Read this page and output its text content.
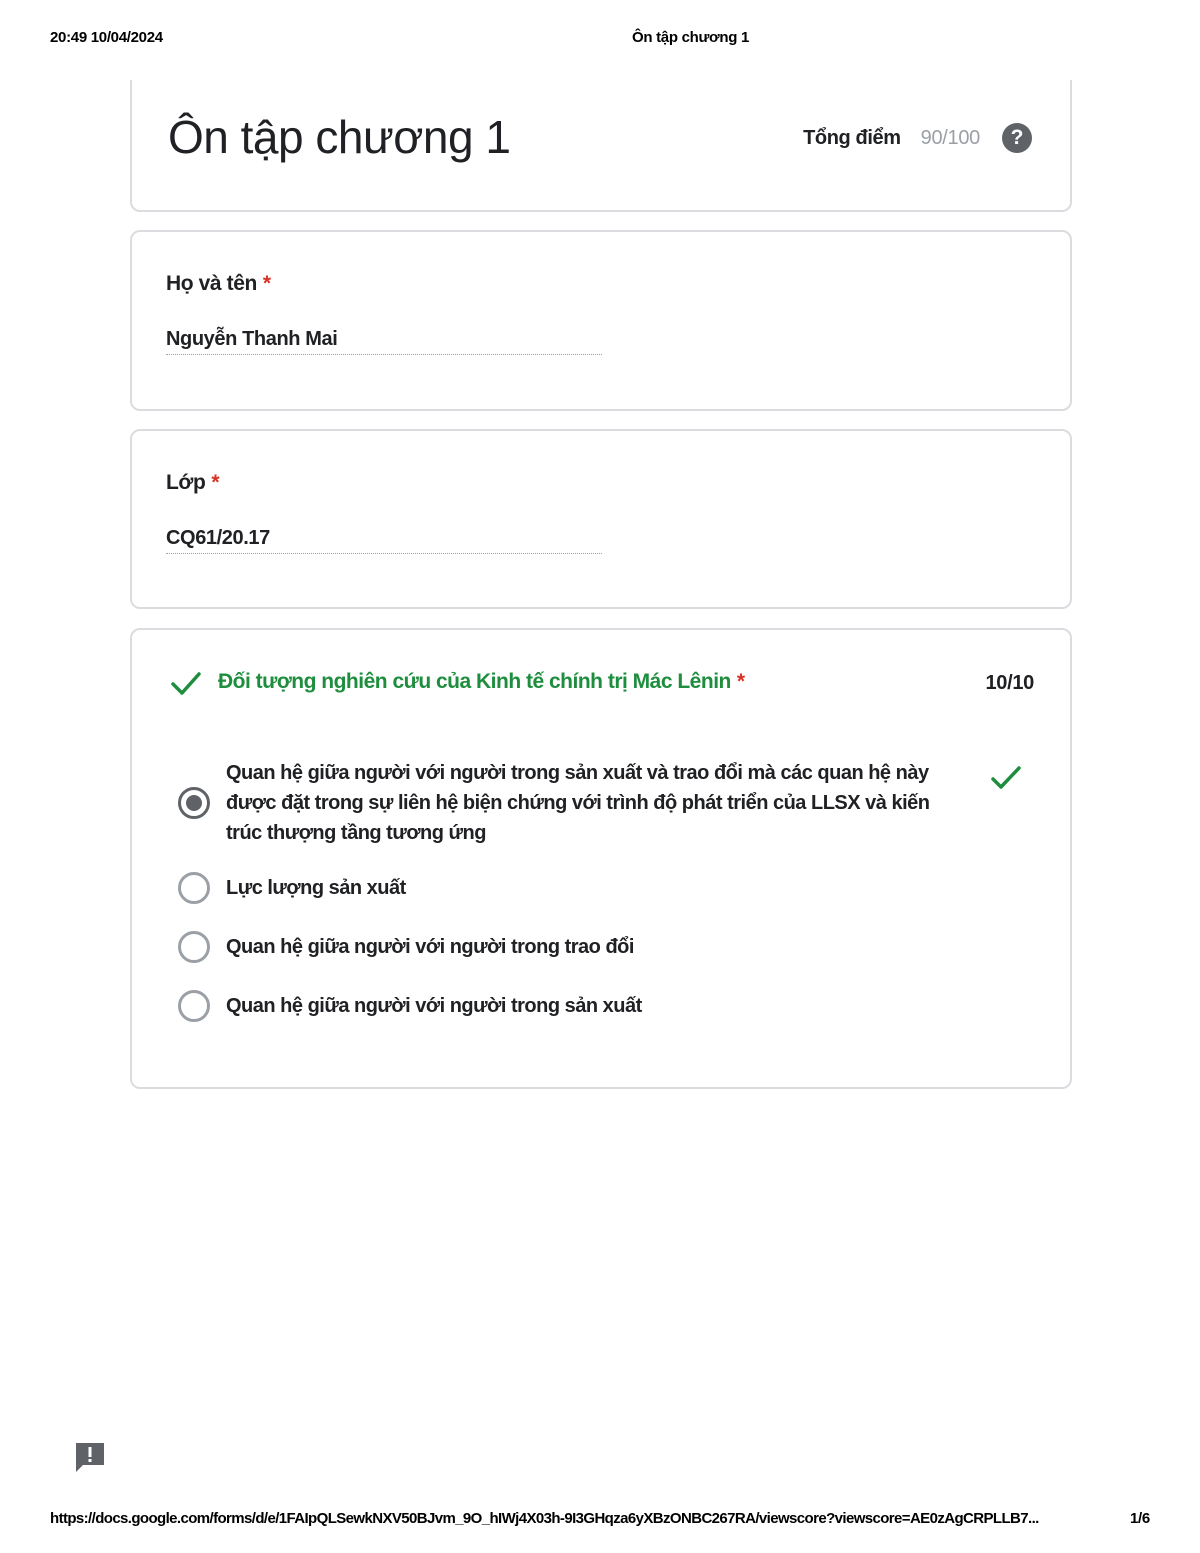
20:49 10/04/2024	Ôn tập chương 1
Ôn tập chương 1	Tổng điểm 90/100	?
Họ và tên *
Nguyễn Thanh Mai
Lớp *
CQ61/20.17
Đối tượng nghiên cứu của Kinh tế chính trị Mác Lênin *	10/10
Quan hệ giữa người với người trong sản xuất và trao đổi mà các quan hệ này được đặt trong sự liên hệ biện chứng với trình độ phát triển của LLSX và kiến trúc thượng tầng tương ứng
Lực lượng sản xuất
Quan hệ giữa người với người trong trao đổi
Quan hệ giữa người với người trong sản xuất
https://docs.google.com/forms/d/e/1FAIpQLSewkNXV50BJvm_9O_hIWj4X03h-9I3GHqza6yXBzONBC267RA/viewscore?viewscore=AE0zAgCRPLLB7...	1/6
